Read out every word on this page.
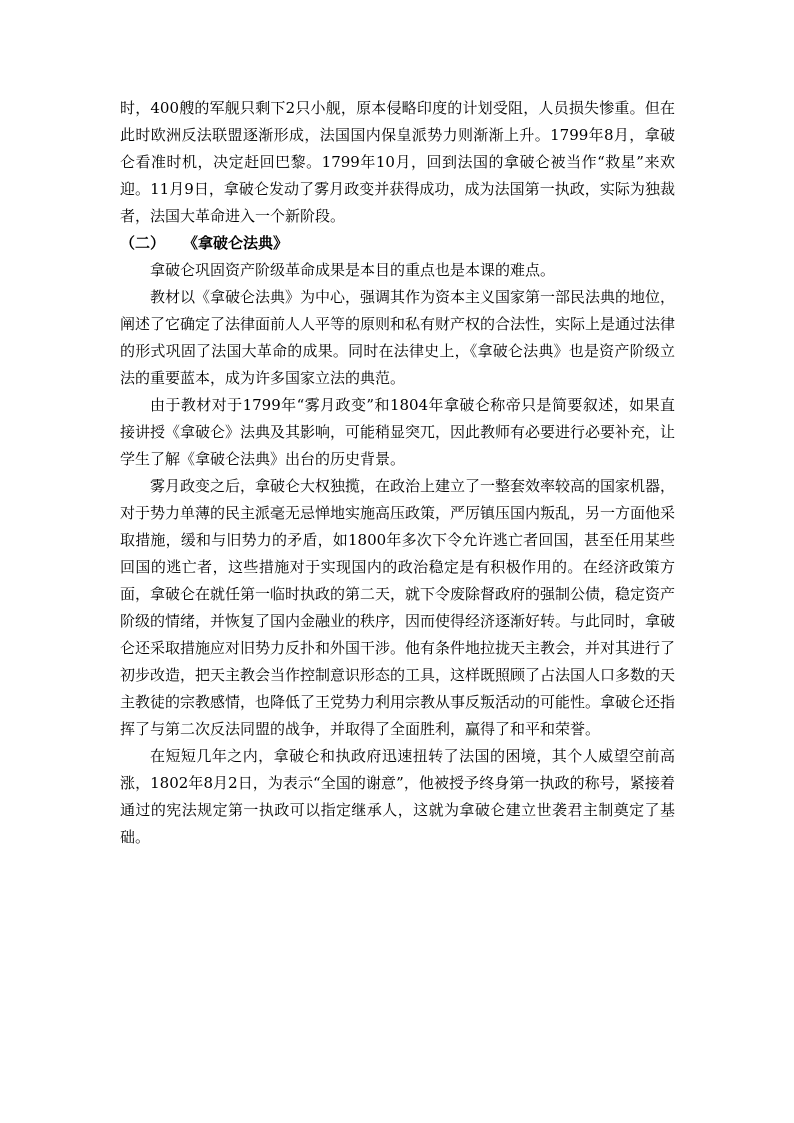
时，400艘的军舰只剩下2只小舰，原本侵略印度的计划受阻，人员损失惨重。但在此时欧洲反法联盟逐渐形成，法国国内保皇派势力则渐渐上升。1799年8月，拿破仑看准时机，决定赶回巴黎。1799年10月，回到法国的拿破仑被当作“救星”来欢迎。11月9日，拿破仑发动了雾月政变并获得成功，成为法国第一执政，实际为独裁者，法国大革命进入一个新阶段。

（二） 《拿破仑法典》

拿破仑巩固资产阶级革命成果是本目的重点也是本课的难点。

教材以《拿破仑法典》为中心，强调其作为资本主义国家第一部民法典的地位，阐述了它确定了法律面前人人平等的原则和私有财产权的合法性，实际上是通过法律的形式巩固了法国大革命的成果。同时在法律史上，《拿破仑法典》也是资产阶级立法的重要蓝本，成为许多国家立法的典范。

由于教材对于1799年“雾月政变”和1804年拿破仑称帝只是简要叙述，如果直接讲授《拿破仑》法典及其影响，可能稍显突兀，因此教师有必要进行必要补充，让学生了解《拿破仑法典》出台的历史背景。

雾月政变之后，拿破仑大权独揽，在政治上建立了一整套效率较高的国家机器，对于势力单薄的民主派毫无忌惮地实施高压政策，严厉镇压国内叛乱，另一方面他采取措施，缓和与旧势力的矛盾，如1800年多次下令允许逃亡者回国，甚至任用某些回国的逃亡者，这些措施对于实现国内的政治稳定是有积极作用的。在经济政策方面，拿破仑在就任第一临时执政的第二天，就下令废除督政府的强制公债，稳定资产阶级的情绪，并恢复了国内金融业的秩序，因而使得经济逐渐好转。与此同时，拿破仑还采取措施应对旧势力反扑和外国干涉。他有条件地拉拢天主教会，并对其进行了初步改造，把天主教会当作控制意识形态的工具，这样既照顾了占法国人口多数的天主教徒的宗教感情，也降低了王党势力利用宗教从事反叛活动的可能性。拿破仑还指挥了与第二次反法同盟的战争，并取得了全面胜利，赢得了和平和荣誉。

在短短几年之内，拿破仑和执政府迅速扭转了法国的困境，其个人威望空前高涨，1802年8月2日，为表示“全国的谢意”，他被授予终身第一执政的称号，紧接着通过的宪法规定第一执政可以指定继承人，这就为拿破仑建立世袭君主制奠定了基础。
